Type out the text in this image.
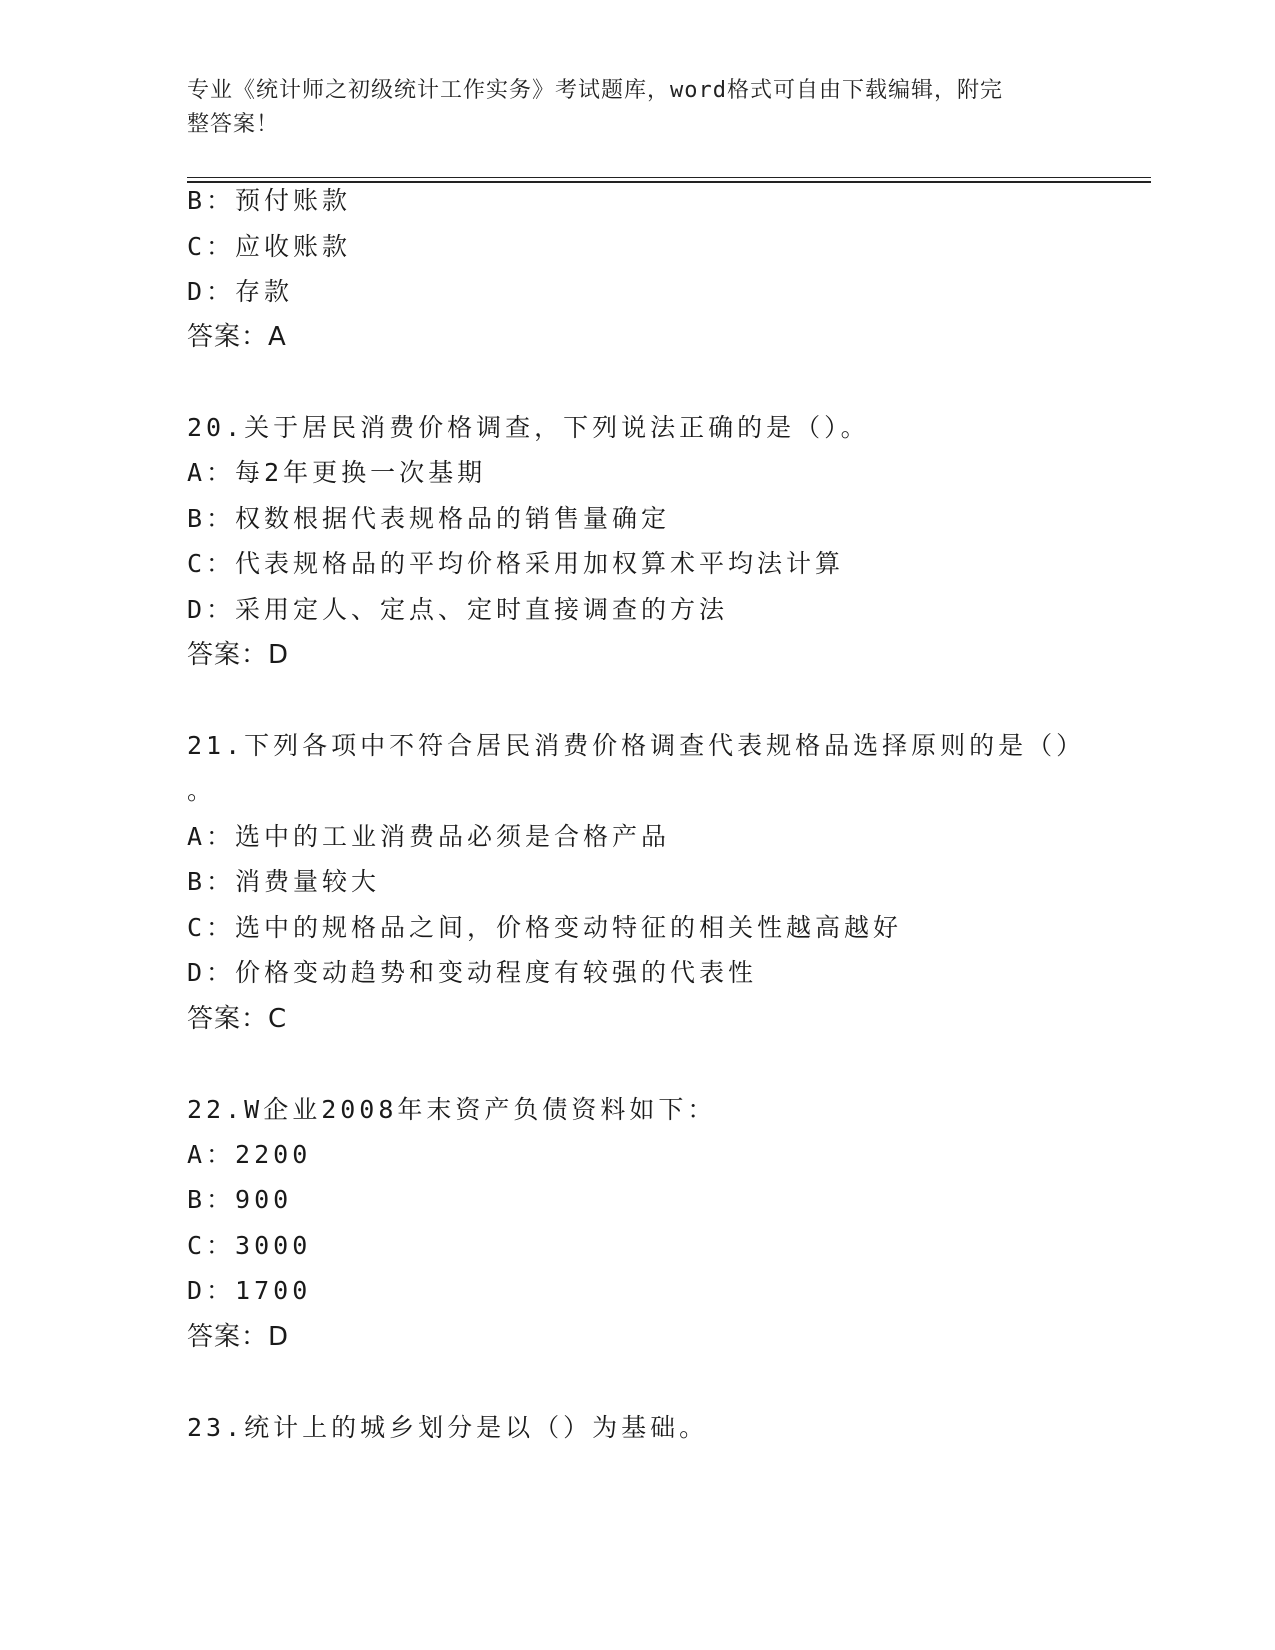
专业《统计师之初级统计工作实务》考试题库，word格式可自由下载编辑，附完
整答案！
B：预付账款
C：应收账款
D：存款
答案：A
20.关于居民消费价格调查，下列说法正确的是（）。
A：每2年更换一次基期
B：权数根据代表规格品的销售量确定
C：代表规格品的平均价格采用加权算术平均法计算
D：采用定人、定点、定时直接调查的方法
答案：D
21.下列各项中不符合居民消费价格调查代表规格品选择原则的是（）
。
A：选中的工业消费品必须是合格产品
B：消费量较大
C：选中的规格品之间，价格变动特征的相关性越高越好
D：价格变动趋势和变动程度有较强的代表性
答案：C
22.W企业2008年末资产负债资料如下：
A：2200
B：900
C：3000
D：1700
答案：D
23.统计上的城乡划分是以（）为基础。
